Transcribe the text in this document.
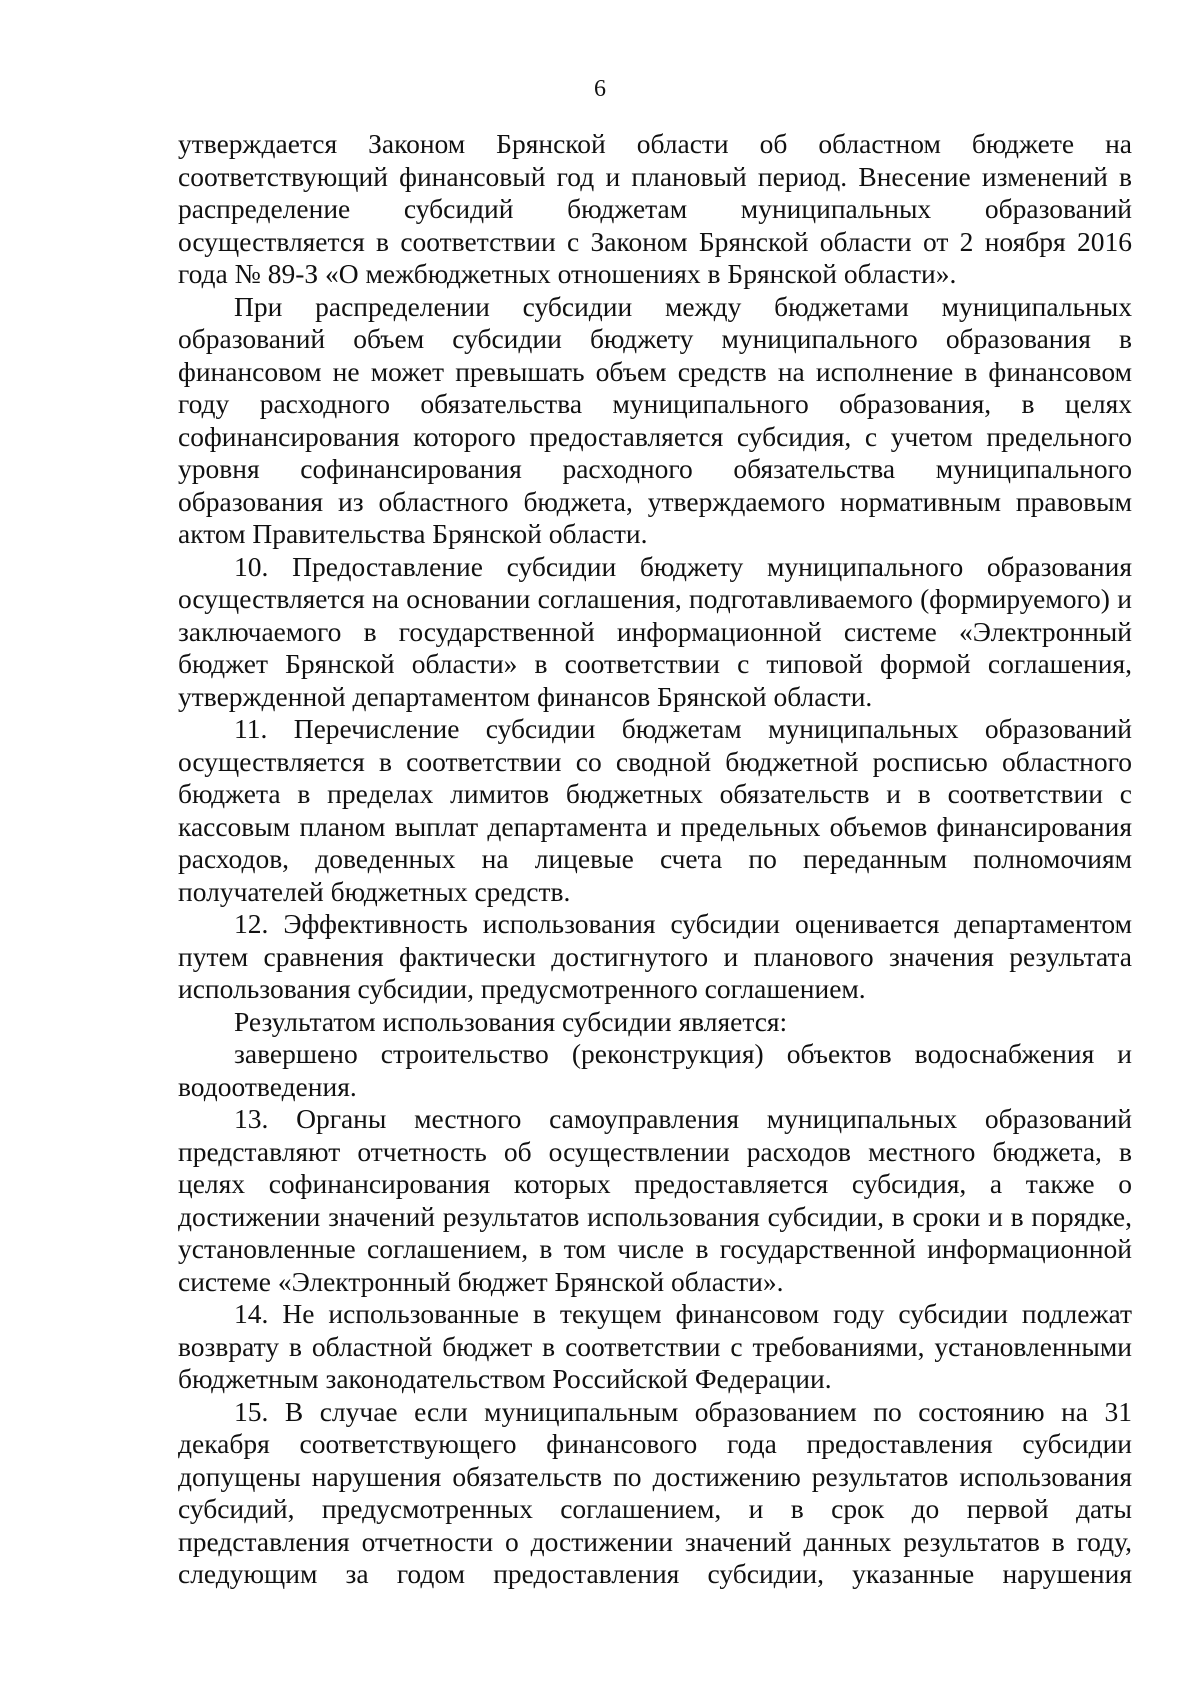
6

утверждается Законом Брянской области об областном бюджете на соответствующий финансовый год и плановый период. Внесение изменений в распределение субсидий бюджетам муниципальных образований осуществляется в соответствии с Законом Брянской области от 2 ноября 2016 года № 89-З «О межбюджетных отношениях в Брянской области».

При распределении субсидии между бюджетами муниципальных образований объем субсидии бюджету муниципального образования в финансовом не может превышать объем средств на исполнение в финансовом году расходного обязательства муниципального образования, в целях софинансирования которого предоставляется субсидия, с учетом предельного уровня софинансирования расходного обязательства муниципального образования из областного бюджета, утверждаемого нормативным правовым актом Правительства Брянской области.

10. Предоставление субсидии бюджету муниципального образования осуществляется на основании соглашения, подготавливаемого (формируемого) и заключаемого в государственной информационной системе «Электронный бюджет Брянской области» в соответствии с типовой формой соглашения, утвержденной департаментом финансов Брянской области.

11. Перечисление субсидии бюджетам муниципальных образований осуществляется в соответствии со сводной бюджетной росписью областного бюджета в пределах лимитов бюджетных обязательств и в соответствии с кассовым планом выплат департамента и предельных объемов финансирования расходов, доведенных на лицевые счета по переданным полномочиям получателей бюджетных средств.

12. Эффективность использования субсидии оценивается департаментом путем сравнения фактически достигнутого и планового значения результата использования субсидии, предусмотренного соглашением.

Результатом использования субсидии является:

завершено строительство (реконструкция) объектов водоснабжения и водоотведения.

13. Органы местного самоуправления муниципальных образований представляют отчетность об осуществлении расходов местного бюджета, в целях софинансирования которых предоставляется субсидия, а также о достижении значений результатов использования субсидии, в сроки и в порядке, установленные соглашением, в том числе в государственной информационной системе «Электронный бюджет Брянской области».

14. Не использованные в текущем финансовом году субсидии подлежат возврату в областной бюджет в соответствии с требованиями, установленными бюджетным законодательством Российской Федерации.

15. В случае если муниципальным образованием по состоянию на 31 декабря соответствующего финансового года предоставления субсидии допущены нарушения обязательств по достижению результатов использования субсидий, предусмотренных соглашением, и в срок до первой даты представления отчетности о достижении значений данных результатов в году, следующим за годом предоставления субсидии, указанные нарушения
